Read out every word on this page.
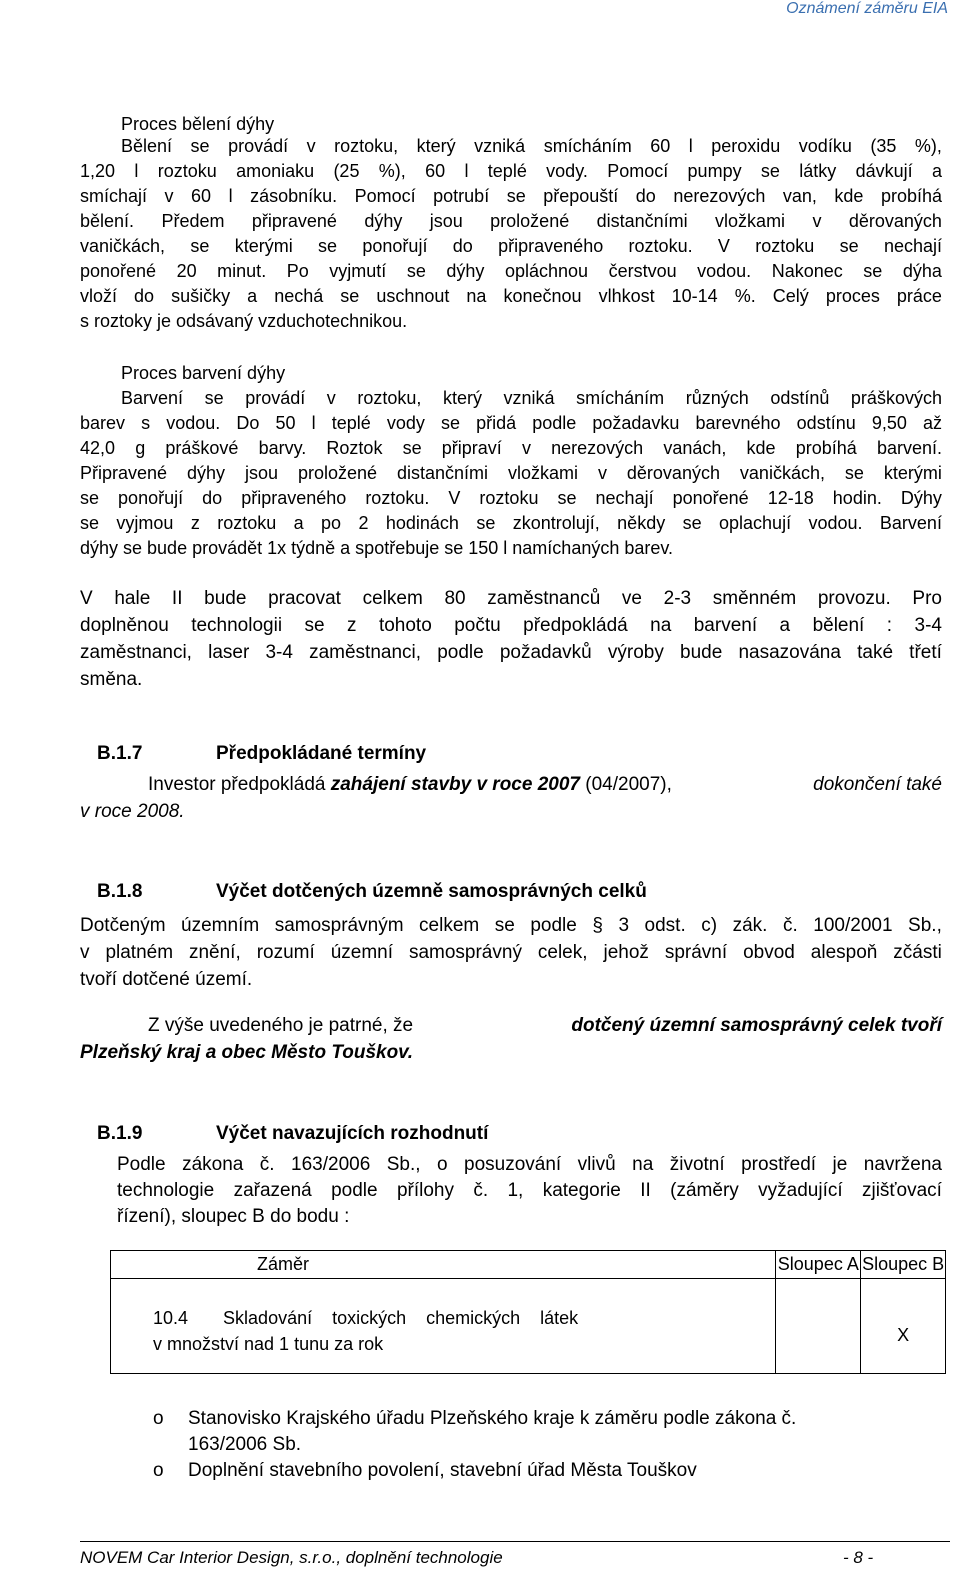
Oznámení záměru EIA
Proces bělení dýhy
Bělení se provádí v roztoku, který vzniká smícháním 60 l peroxidu vodíku (35 %),
1,20 l roztoku amoniaku (25 %), 60 l teplé vody. Pomocí pumpy se látky dávkují a
smíchají v 60 l zásobníku. Pomocí potrubí se přepouští do nerezových van, kde probíhá
bělení. Předem připravené dýhy jsou proložené distančními vložkami v děrovaných
vaničkách, se kterými se ponořují do připraveného roztoku. V roztoku se nechají
ponořené 20 minut. Po vyjmutí se dýhy opláchnou čerstvou vodou. Nakonec se dýha
vloží do sušičky a nechá se uschnout na konečnou vlhkost 10-14 %. Celý proces práce
s roztoky je odsávaný vzduchotechnikou.
Proces barvení dýhy
Barvení se provádí v roztoku, který vzniká smícháním různých odstínů práškových
barev s vodou. Do 50 l teplé vody se přidá podle požadavku barevného odstínu 9,50 až
42,0 g práškové barvy. Roztok se připraví v nerezových vanách, kde probíhá barvení.
Připravené dýhy jsou proložené distančními vložkami v děrovaných vaničkách, se kterými
se ponořují do připraveného roztoku. V roztoku se nechají ponořené 12-18 hodin. Dýhy
se vyjmou z roztoku a po 2 hodinách se zkontrolují, někdy se oplachují vodou. Barvení
dýhy se bude provádět 1x týdně a spotřebuje se 150 l namíchaných barev.
V hale II bude pracovat celkem 80 zaměstnanců ve 2-3 směnném provozu. Pro
doplněnou technologii se z tohoto počtu předpokládá na barvení a bělení : 3-4
zaměstnanci, laser 3-4 zaměstnanci, podle požadavků výroby bude nasazována také třetí
směna.
B.1.7	Předpokládané termíny
Investor předpokládá zahájení stavby v roce 2007 (04/2007),	dokončení také
v roce 2008.
B.1.8	Výčet dotčených územně samosprávných celků
Dotčeným územním samosprávným celkem se podle § 3 odst. c) zák. č. 100/2001 Sb.,
v platném znění, rozumí územní samosprávný celek, jehož správní obvod alespoň zčásti
tvoří dotčené území.
Z výše uvedeného je patrné, že	dotčený územní samosprávný celek tvoří
Plzeňský kraj a obec Město Touškov.
B.1.9	Výčet navazujících rozhodnutí
Podle zákona č. 163/2006 Sb., o posuzování vlivů na životní prostředí je navržena
technologie zařazená podle přílohy č. 1, kategorie II (záměry vyžadující zjišťovací
řízení), sloupec B do bodu :
Záměr	Sloupec A	Sloupec B

10.4       Skladování    toxických    chemických    látek
v množství nad 1 tunu za rok		X
o Stanovisko Krajského úřadu Plzeňského kraje k záměru podle zákona č.
163/2006 Sb.
o Doplnění stavebního povolení, stavební úřad Města Touškov
NOVEM Car Interior Design, s.r.o., doplnění technologie	- 8 -
